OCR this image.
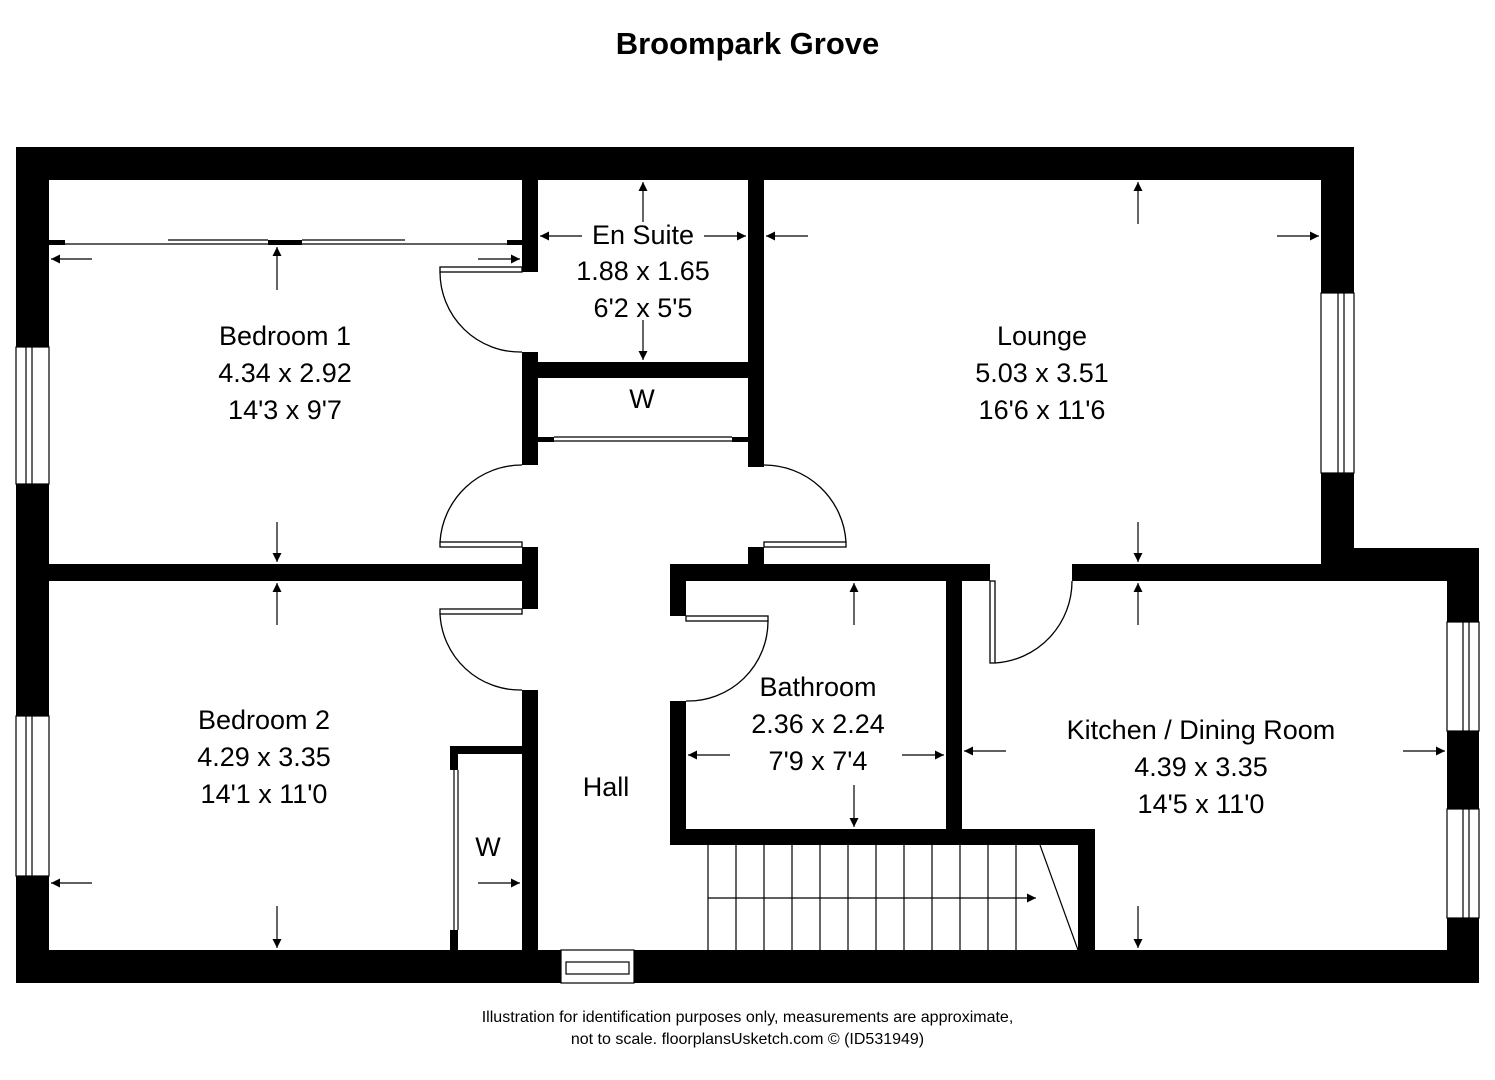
Broompark Grove
Bedroom 1
4.34 x 2.92
14'3 x 9'7
En Suite
1.88 x 1.65
6'2 x 5'5
Lounge
5.03 x 3.51
16'6 x 11'6
Bedroom 2
4.29 x 3.35
14'1 x 11'0
Bathroom
2.36 x 2.24
7'9 x 7'4
Kitchen / Dining Room
4.39 x 3.35
14'5 x 11'0
Hall
W
W
Illustration for identification purposes only, measurements are approximate,
not to scale. floorplansUsketch.com © (ID531949)
